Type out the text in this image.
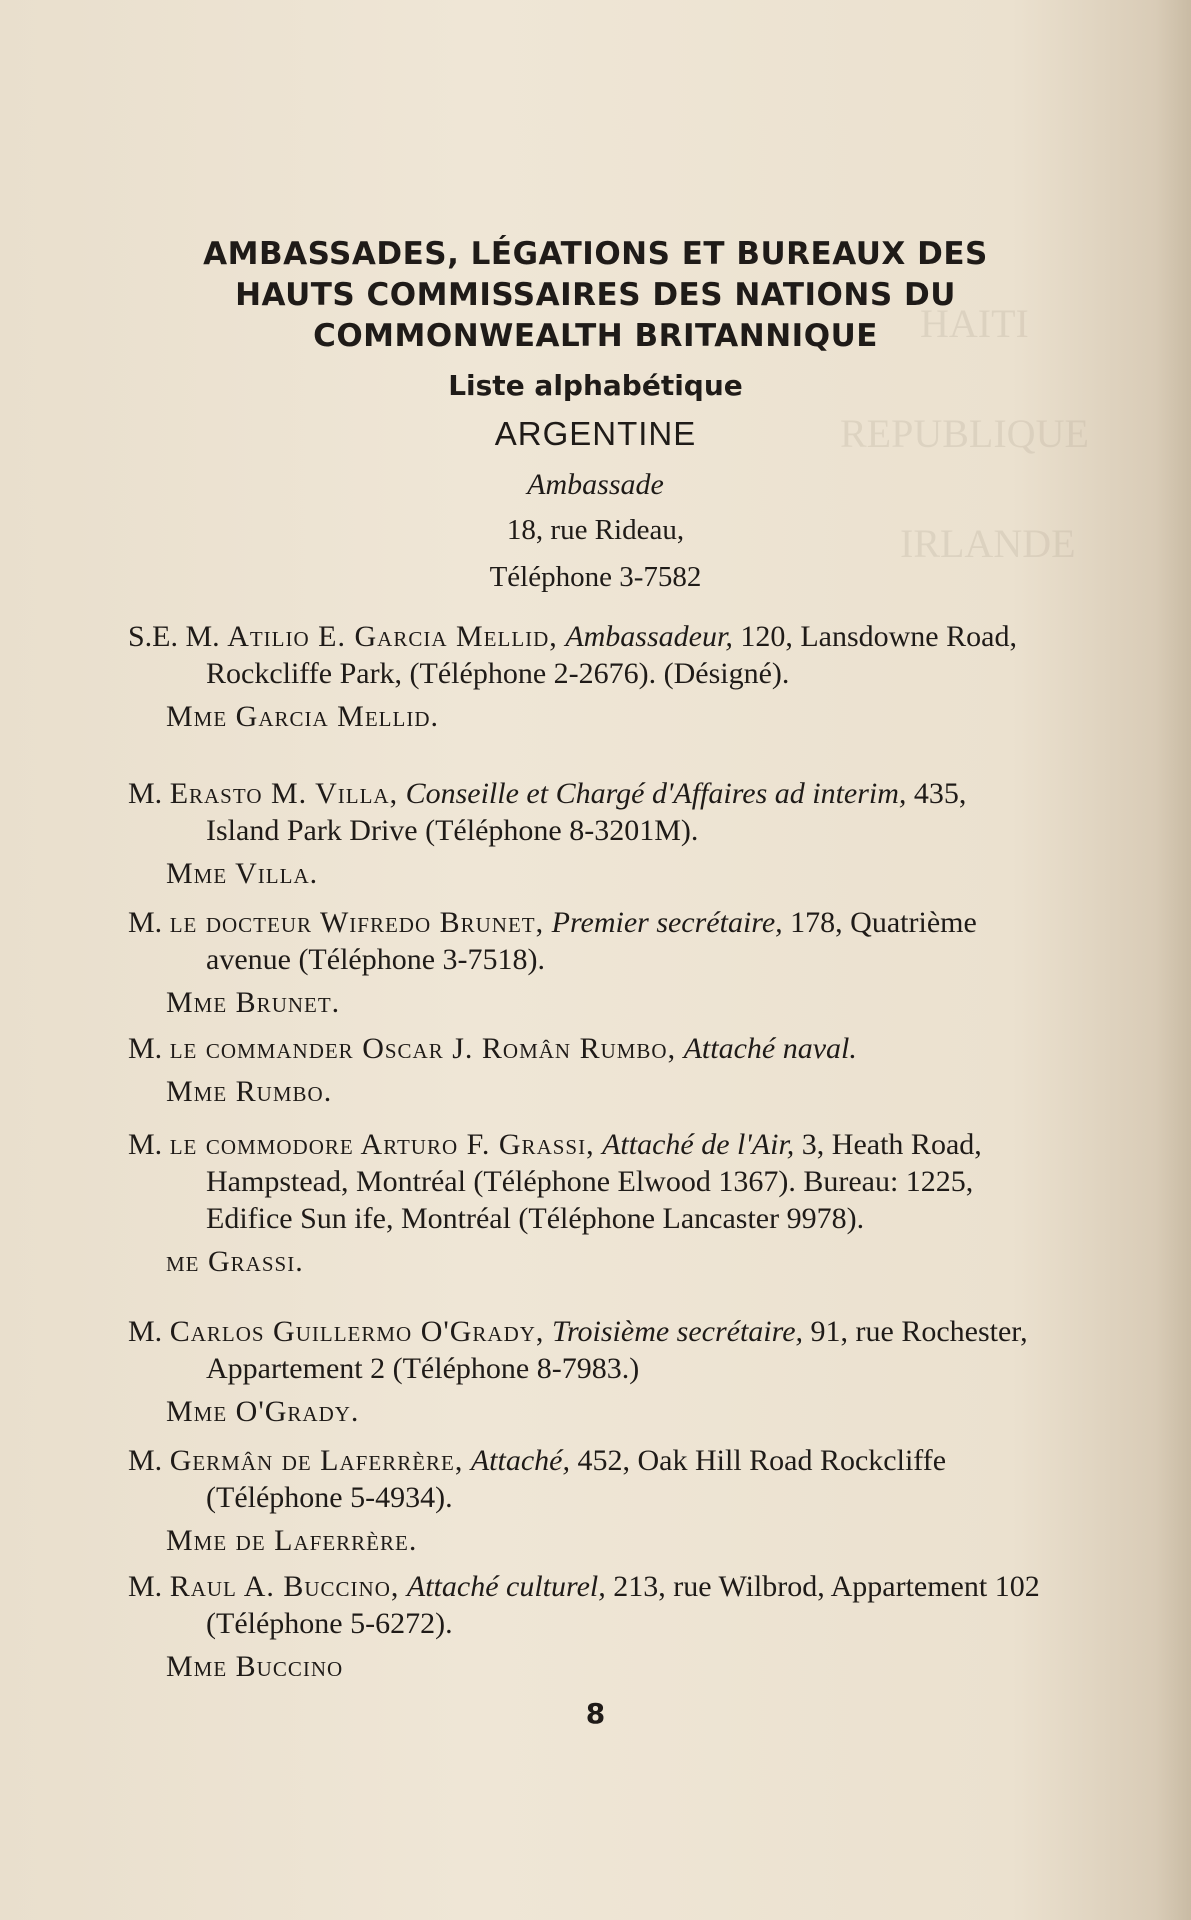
HAITI
REPUBLIQUE
IRLANDE
AMBASSADES, LÉGATIONS ET BUREAUX DES
HAUTS COMMISSAIRES DES NATIONS DU
COMMONWEALTH BRITANNIQUE
Liste alphabétique
ARGENTINE
Ambassade
18, rue Rideau,
Téléphone 3-7582
S.E. M. Atilio E. Garcia Mellid, Ambassadeur, 120, Lansdowne Road, Rockcliffe Park, (Téléphone 2-2676). (Désigné).
Mme Garcia Mellid.
M. Erasto M. Villa, Conseille et Chargé d'Affaires ad interim, 435, Island Park Drive (Téléphone 8-3201M).
Mme Villa.
M. le docteur Wifredo Brunet, Premier secrétaire, 178, Quatrième avenue (Téléphone 3-7518).
Mme Brunet.
M. le commander Oscar J. Român Rumbo, Attaché naval.
Mme Rumbo.
M. le commodore Arturo F. Grassi, Attaché de l'Air, 3, Heath Road, Hampstead, Montréal (Téléphone Elwood 1367). Bureau: 1225, Edifice Sun ife, Montréal (Téléphone Lancaster 9978).
me Grassi.
M. Carlos Guillermo O'Grady, Troisième secrétaire, 91, rue Rochester, Appartement 2 (Téléphone 8-7983.)
Mme O'Grady.
M. Germân de Laferrère, Attaché, 452, Oak Hill Road Rockcliffe (Téléphone 5-4934).
Mme de Laferrère.
M. Raul A. Buccino, Attaché culturel, 213, rue Wilbrod, Appartement 102 (Téléphone 5-6272).
Mme Buccino
8
